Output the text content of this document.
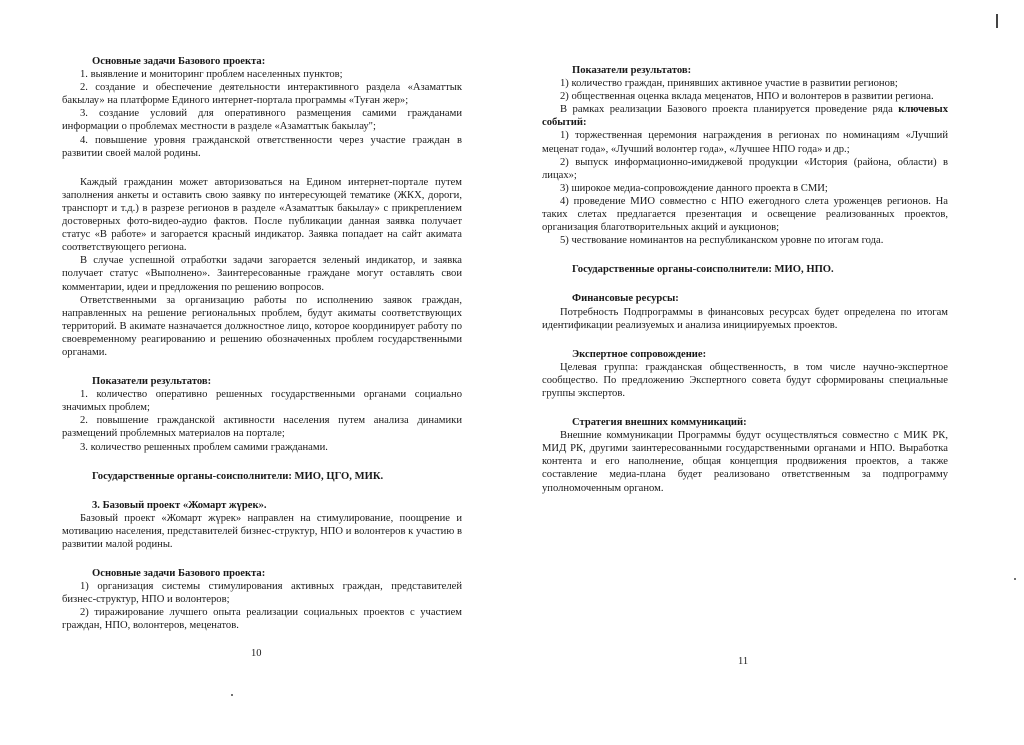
Основные задачи Базового проекта:

1. выявление и мониторинг проблем населенных пунктов;

2. создание и обеспечение деятельности интерактивного раздела «Азаматтык бакылау» на платформе Единого интернет-портала программы «Туған жер»;

3. создание условий для оперативного размещения самими гражданами информации о проблемах местности в разделе «Азаматтык бакылау";

4. повышение уровня гражданской ответственности через участие граждан в развитии своей малой родины.

Каждый гражданин может авторизоваться на Едином интернет-портале путем заполнения анкеты и оставить свою заявку по интересующей тематике (ЖКХ, дороги, транспорт и т.д.) в разрезе регионов в разделе «Азаматтык бакылау» с прикреплением достоверных фото-видео-аудио фактов. После публикации данная заявка получает статус «В работе» и загорается красный индикатор. Заявка попадает на сайт акимата соответствующего региона.

В случае успешной отработки задачи загорается зеленый индикатор, и заявка получает статус «Выполнено». Заинтересованные граждане могут оставлять свои комментарии, идеи и предложения по решению вопросов.

Ответственными за организацию работы по исполнению заявок граждан, направленных на решение региональных проблем, будут акиматы соответствующих территорий. В акимате назначается должностное лицо, которое координирует работу по своевременному реагированию и решению обозначенных проблем государственными органами.

Показатели результатов:

1. количество оперативно решенных государственными органами социально значимых проблем;

2. повышение гражданской активности населения путем анализа динамики размещений проблемных материалов на портале;

3. количество решенных проблем самими гражданами.

Государственные органы-соисполнители: МИО, ЦГО, МИК.

3. Базовый проект «Жомарт жүрек».

Базовый проект «Жомарт жүрек» направлен на стимулирование, поощрение и мотивацию населения, представителей бизнес-структур, НПО и волонтеров к участию в развитии малой родины.

Основные задачи Базового проекта:

1) организация системы стимулирования активных граждан, представителей бизнес-структур, НПО и волонтеров;

2) тиражирование лучшего опыта реализации социальных проектов с участием граждан, НПО, волонтеров, меценатов.

Показатели результатов:

1) количество граждан, принявших активное участие в развитии регионов;

2) общественная оценка вклада меценатов, НПО и волонтеров в развитии региона.

В рамках реализации Базового проекта планируется проведение ряда ключевых событий:

1) торжественная церемония награждения в регионах по номинациям «Лучший меценат года», «Лучший волонтер года», «Лучшее НПО года» и др.;

2) выпуск информационно-имиджевой продукции «История (района, области) в лицах»;

3) широкое медиа-сопровождение данного проекта в СМИ;

4) проведение МИО совместно с НПО ежегодного слета уроженцев регионов. На таких слетах предлагается презентация и освещение реализованных проектов, организация благотворительных акций и аукционов;

5) чествование номинантов на республиканском уровне по итогам года.

Государственные органы-соисполнители: МИО, НПО.

Финансовые ресурсы:

Потребность Подпрограммы в финансовых ресурсах будет определена по итогам идентификации реализуемых и анализа инициируемых проектов.

Экспертное сопровождение:

Целевая группа: гражданская общественность, в том числе научно-экспертное сообщество. По предложению Экспертного совета будут сформированы специальные группы экспертов.

Стратегия внешних коммуникаций:

Внешние коммуникации Программы будут осуществляться совместно с МИК РК, МИД РК, другими заинтересованными государственными органами и НПО. Выработка контента и его наполнение, общая концепция продвижения проектов, а также составление медиа-плана будет реализовано ответственным за подпрограмму уполномоченным органом.

10
11
